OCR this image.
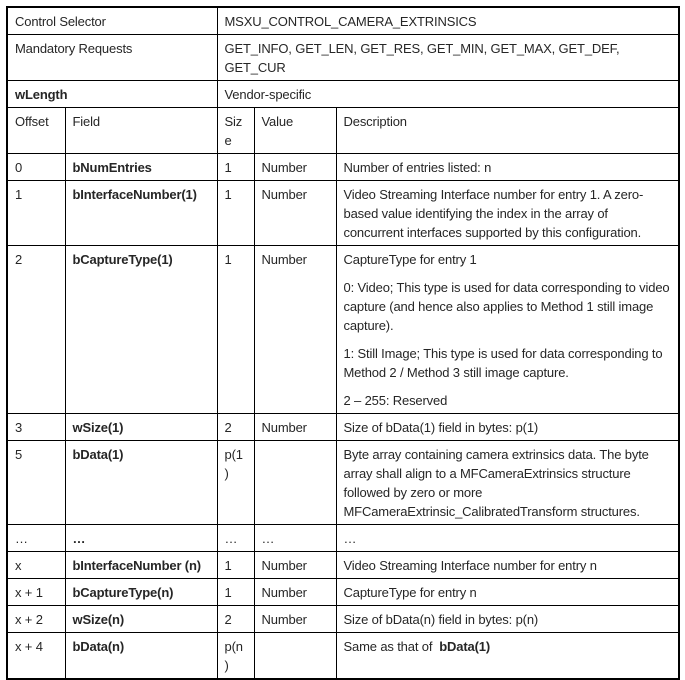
Control Selector		MSXU_CONTROL_CAMERA_EXTRINSICS		
Mandatory Requests		GET_INFO, GET_LEN, GET_RES, GET_MIN, GET_MAX, GET_DEF, GET_CUR		
wLength		Vendor-specific		
Offset	Field	Size	Value	Description
0	bNumEntries	1	Number	Number of entries listed: n

1	bInterfaceNumber(1)	1	Number	Video Streaming Interface number for entry 1. A zero-based value identifying the index in the array of concurrent interfaces supported by this configuration.

2	bCaptureType(1)	1	Number	CaptureType for entry 1

0: Video; This type is used for data corresponding to video capture (and hence also applies to Method 1 still image capture).

1: Still Image; This type is used for data corresponding to Method 2 / Method 3 still image capture.

2 – 255: Reserved

3	wSize(1)	2	Number	Size of bData(1) field in bytes: p(1)

5	bData(1)	p(1)		Byte array containing camera extrinsics data. The byte array shall align to a MFCameraExtrinsics structure followed by zero or more MFCameraExtrinsic_CalibratedTransform structures.

…	…	…	…	…

x	bInterfaceNumber (n)	1	Number	Video Streaming Interface number for entry n

x + 1	bCaptureType(n)	1	Number	CaptureType for entry n

x + 2	wSize(n)	2	Number	Size of bData(n) field in bytes: p(n)

x + 4	bData(n)	p(n)		Same as that of  bData(1)
